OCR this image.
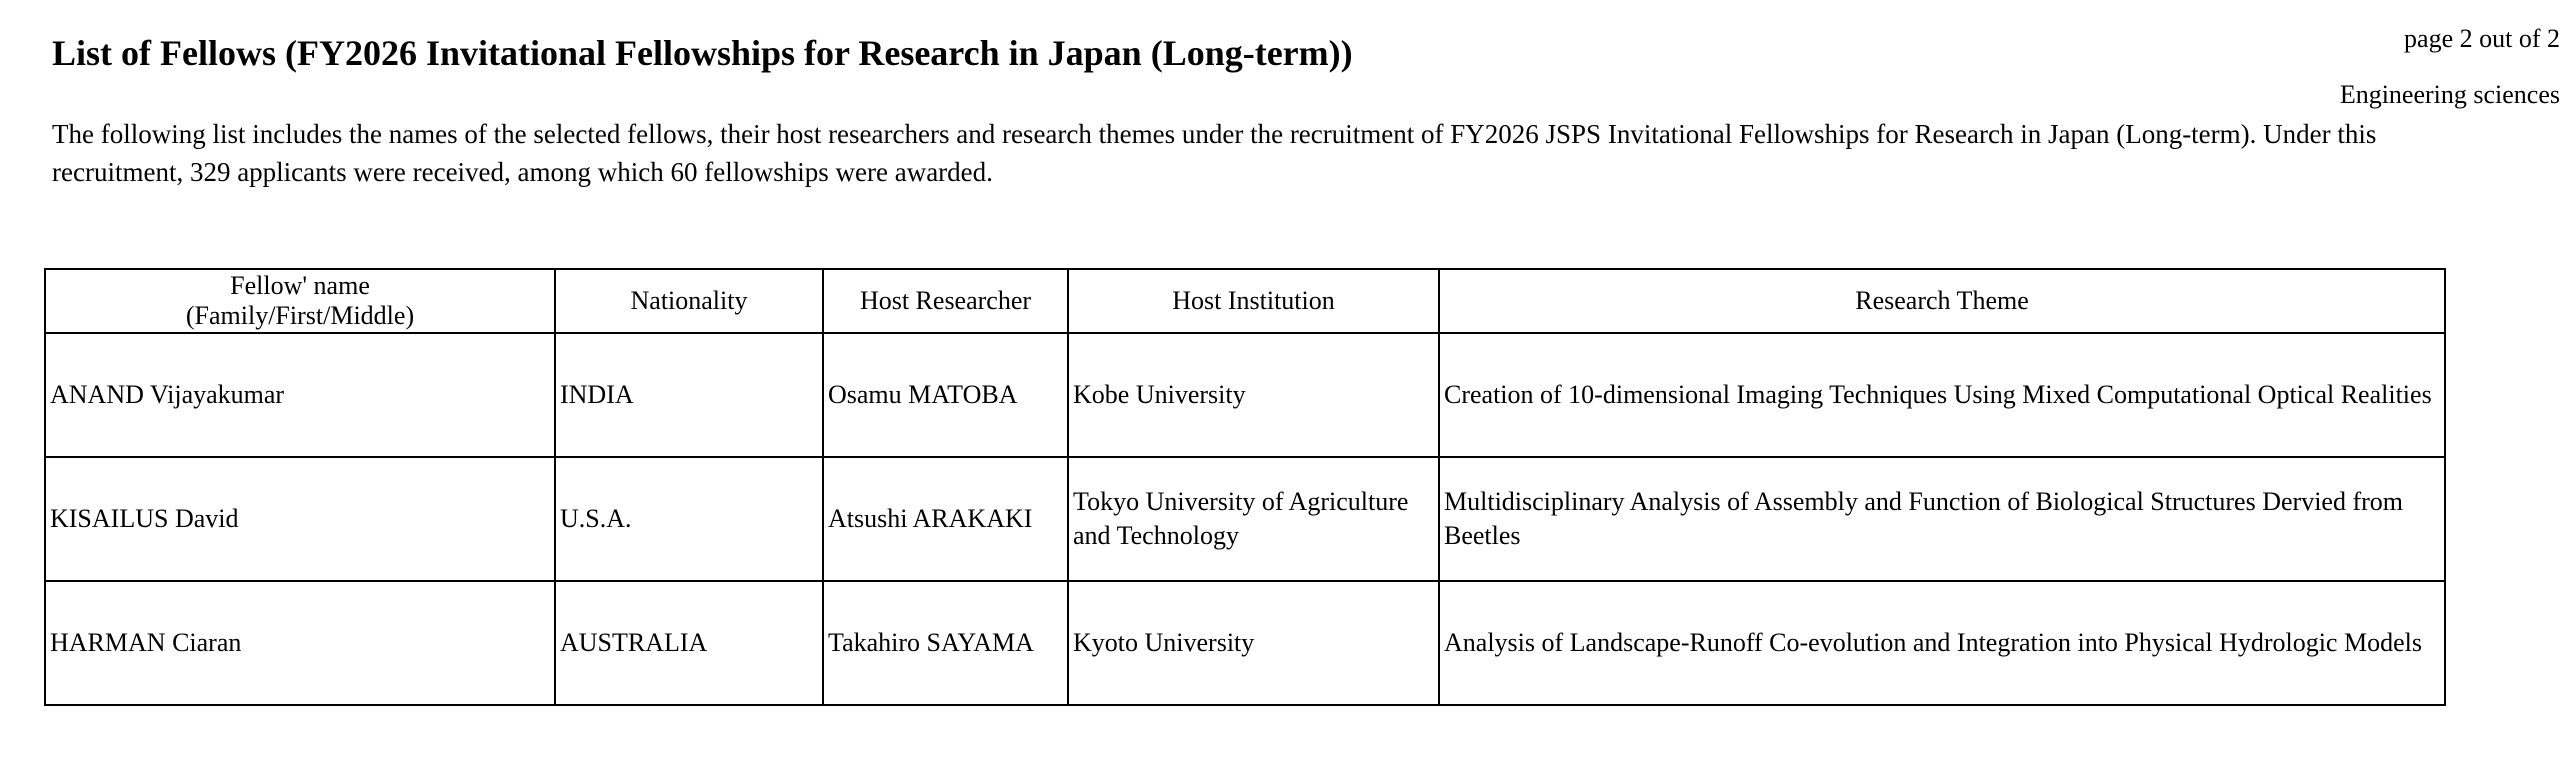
List of Fellows (FY2026 Invitational Fellowships for Research in Japan (Long-term))	page 2 out of 2
Engineering sciences
The following list includes the names of the selected fellows, their host researchers and research themes under the recruitment of FY2026 JSPS Invitational Fellowships for Research in Japan (Long-term). Under this recruitment, 329 applicants were received, among which 60 fellowships were awarded.
Fellow' name
(Family/First/Middle)	Nationality	Host Researcher	Host Institution	Research Theme
ANAND Vijayakumar	INDIA	Osamu MATOBA	Kobe University	Creation of 10-dimensional Imaging Techniques Using Mixed Computational Optical Realities
KISAILUS David	U.S.A.	Atsushi ARAKAKI	Tokyo University of Agriculture and Technology	Multidisciplinary Analysis of Assembly and Function of Biological Structures Dervied from Beetles
HARMAN Ciaran	AUSTRALIA	Takahiro SAYAMA	Kyoto University	Analysis of Landscape-Runoff Co-evolution and Integration into Physical Hydrologic Models
